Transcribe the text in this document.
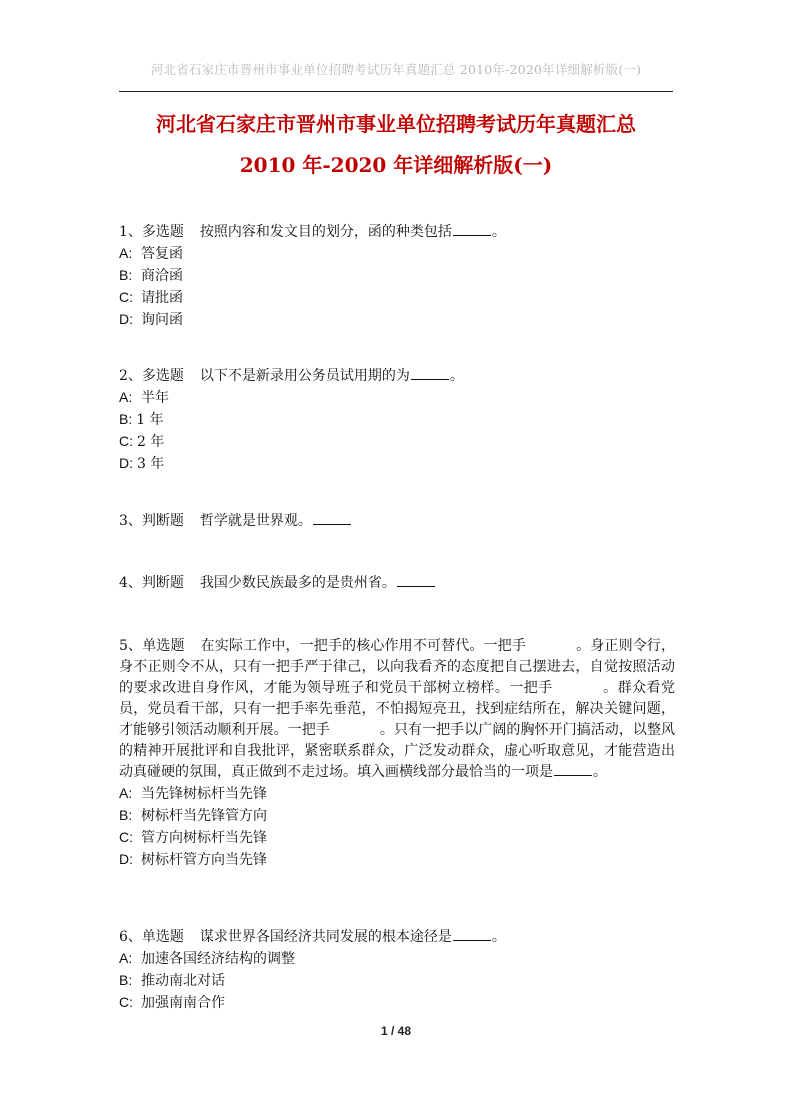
河北省石家庄市晋州市事业单位招聘考试历年真题汇总 2010年-2020年详细解析版(一)
河北省石家庄市晋州市事业单位招聘考试历年真题汇总
2010 年-2020 年详细解析版(一)
1、多选题 按照内容和发文目的划分，函的种类包括	。
A: 答复函
B: 商洽函
C: 请批函
D: 询问函
2、多选题 以下不是新录用公务员试用期的为	。
A: 半年
B: 1 年
C: 2 年
D: 3 年
3、判断题 哲学就是世界观。
4、判断题 我国少数民族最多的是贵州省。
5、单选题 在实际工作中，一把手的核心作用不可替代。一把手	。身正则令行，身不正则令不从，只有一把手严于律己，以向我看齐的态度把自己摆进去，自觉按照活动的要求改进自身作风，才能为领导班子和党员干部树立榜样。一把手	。群众看党员，党员看干部，只有一把手率先垂范，不怕揭短亮丑，找到症结所在，解决关键问题，才能够引领活动顺利开展。一把手	。只有一把手以广阔的胸怀开门搞活动，以整风的精神开展批评和自我批评，紧密联系群众，广泛发动群众，虚心听取意见，才能营造出动真碰硬的氛围，真正做到不走过场。填入画横线部分最恰当的一项是	。
A: 当先锋树标杆当先锋
B: 树标杆当先锋管方向
C: 管方向树标杆当先锋
D: 树标杆管方向当先锋
6、单选题 谋求世界各国经济共同发展的根本途径是	。
A: 加速各国经济结构的调整
B: 推动南北对话
C: 加强南南合作
1 / 48
